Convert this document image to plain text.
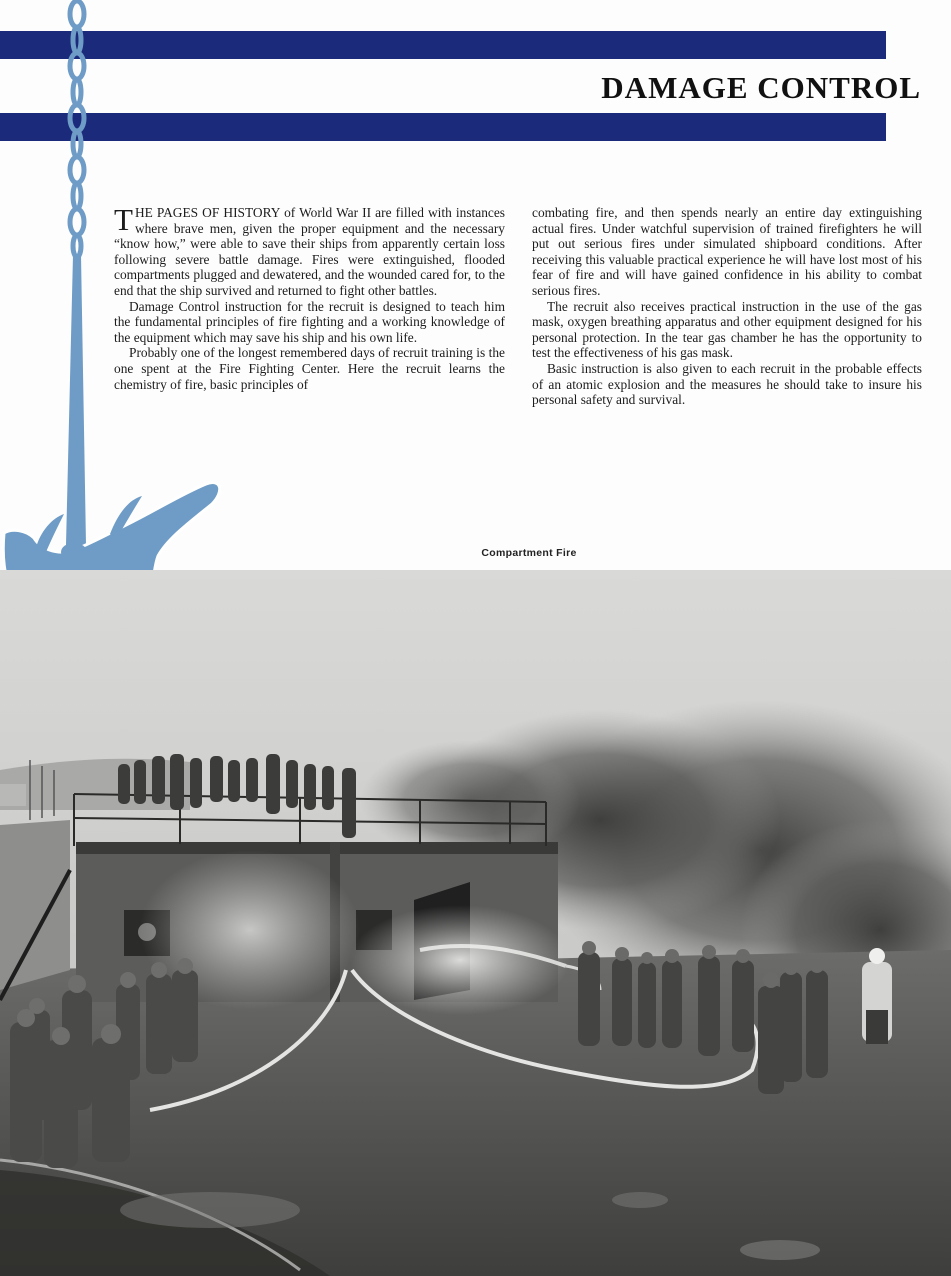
DAMAGE CONTROL

THE PAGES OF HISTORY of World War II are filled with instances where brave men, given the proper equipment and the necessary “know how,” were able to save their ships from apparently certain loss following severe battle damage. Fires were extinguished, flooded compartments plugged and dewatered, and the wounded cared for, to the end that the ship survived and returned to fight other battles.

Damage Control instruction for the recruit is designed to teach him the fundamental principles of fire fighting and a working knowledge of the equipment which may save his ship and his own life.

Probably one of the longest remembered days of recruit training is the one spent at the Fire Fighting Center. Here the recruit learns the chemistry of fire, basic principles of

combating fire, and then spends nearly an entire day extinguishing actual fires. Under watchful supervision of trained firefighters he will put out serious fires under simulated shipboard conditions. After receiving this valuable practical experience he will have lost most of his fear of fire and will have gained confidence in his ability to combat serious fires.

The recruit also receives practical instruction in the use of the gas mask, oxygen breathing apparatus and other equipment designed for his personal protection. In the tear gas chamber he has the opportunity to test the effectiveness of his gas mask.

Basic instruction is also given to each recruit in the probable effects of an atomic explosion and the measures he should take to insure his personal safety and survival.

Compartment Fire
